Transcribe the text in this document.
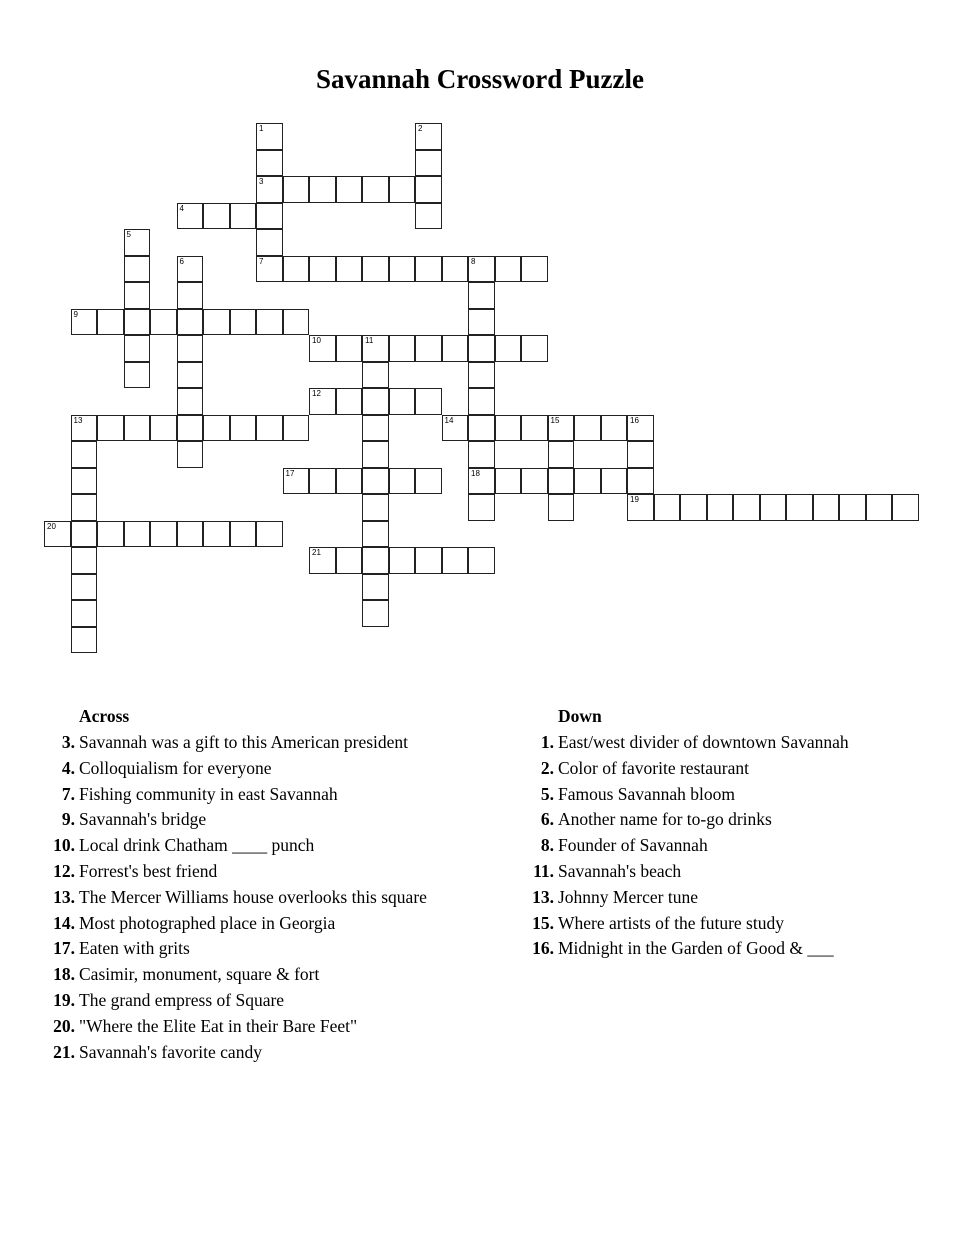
Savannah Crossword Puzzle
1
3
7
2
4
5
6	8
18
9
10	11
12
13	14	15	16
17
19
20
21
Across
3. Savannah was a gift to this American president
4. Colloquialism for everyone
7. Fishing community in east Savannah
9. Savannah's bridge
10. Local drink Chatham ____ punch
12. Forrest's best friend
13. The Mercer Williams house overlooks this square
14. Most photographed place in Georgia
17. Eaten with grits
18. Casimir, monument, square & fort
19. The grand empress of Square
20. "Where the Elite Eat in their Bare Feet"
21. Savannah's favorite candy
Down
1. East/west divider of downtown Savannah
2. Color of favorite restaurant
5. Famous Savannah bloom
6. Another name for to-go drinks
8. Founder of Savannah
11. Savannah's beach
13. Johnny Mercer tune
15. Where artists of the future study
16. Midnight in the Garden of Good & ___
